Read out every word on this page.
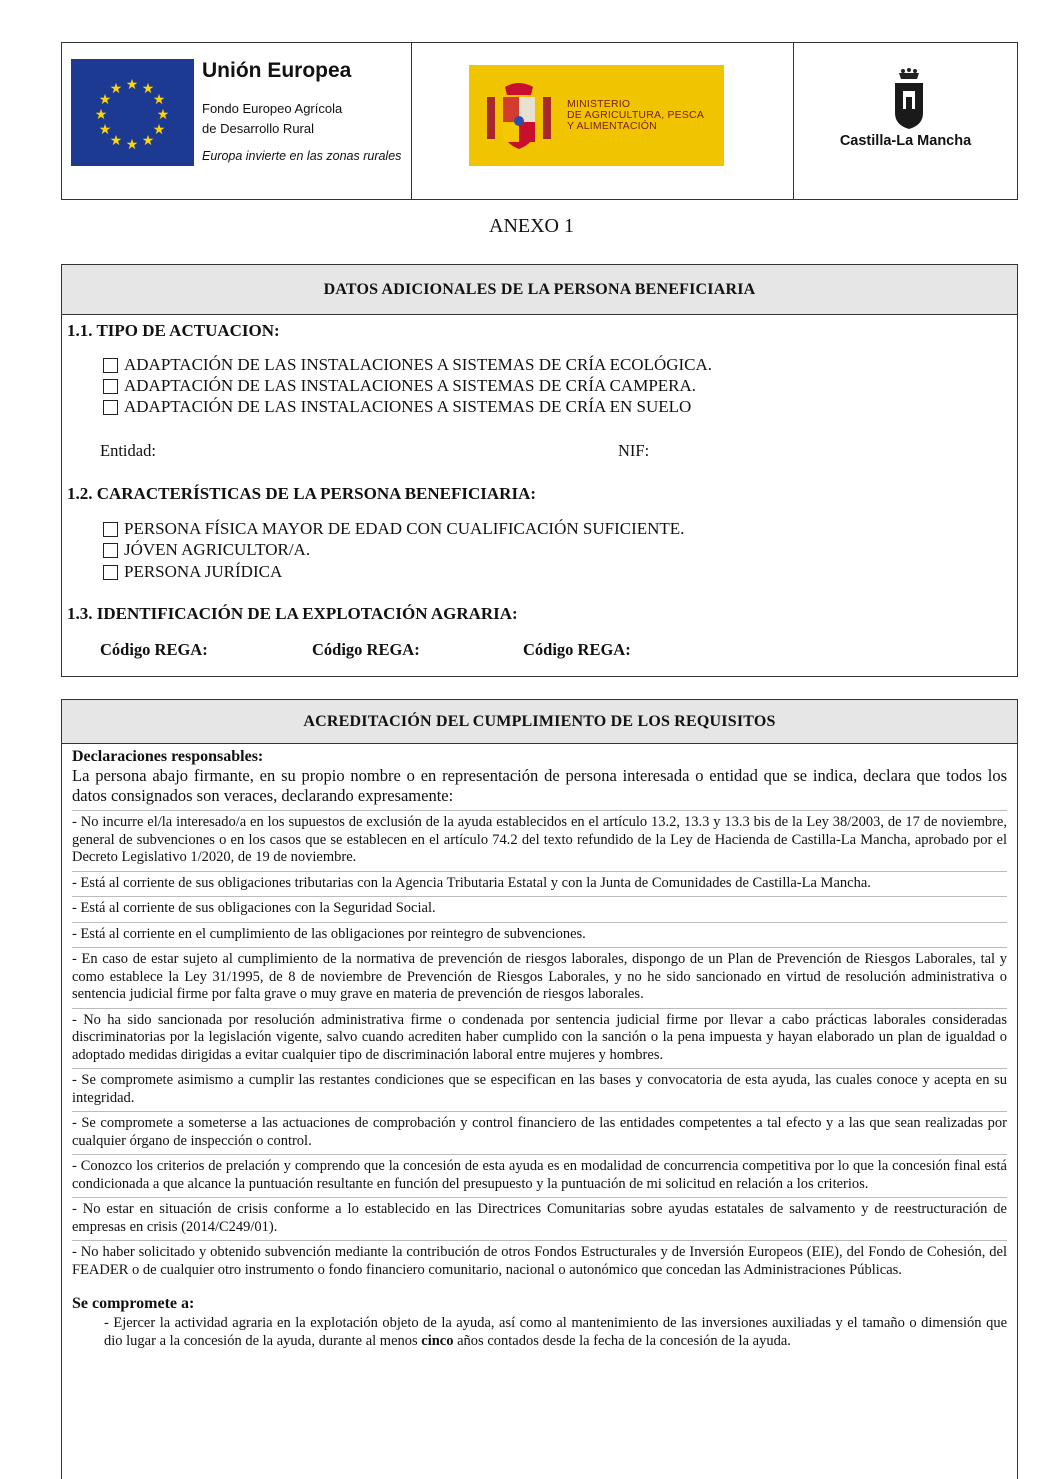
★ ★
★
★
★
★
★
★
★
★
★
★
Unión Europea
Fondo Europeo Agrícola
de Desarrollo Rural
Europa invierte en las zonas rurales
MINISTERIO
DE AGRICULTURA, PESCA
Y ALIMENTACIÓN
Castilla-La Mancha
ANEXO 1
DATOS ADICIONALES DE LA PERSONA BENEFICIARIA
1.1. TIPO DE ACTUACION:
ADAPTACIÓN DE LAS INSTALACIONES A SISTEMAS DE CRÍA ECOLÓGICA.
ADAPTACIÓN DE LAS INSTALACIONES A SISTEMAS DE CRÍA CAMPERA.
ADAPTACIÓN DE LAS INSTALACIONES A SISTEMAS DE CRÍA EN SUELO
Entidad:	NIF:
1.2. CARACTERÍSTICAS DE LA PERSONA BENEFICIARIA:
PERSONA FÍSICA MAYOR DE EDAD CON CUALIFICACIÓN SUFICIENTE.
JÓVEN AGRICULTOR/A.
PERSONA JURÍDICA
1.3. IDENTIFICACIÓN DE LA EXPLOTACIÓN AGRARIA:
Código REGA:	Código REGA:	Código REGA:
ACREDITACIÓN DEL CUMPLIMIENTO DE LOS REQUISITOS
Declaraciones responsables:
La persona abajo firmante, en su propio nombre o en representación de persona interesada o entidad que se indica, declara que todos los datos consignados son veraces, declarando expresamente:
- No incurre el/la interesado/a en los supuestos de exclusión de la ayuda establecidos en el artículo 13.2, 13.3 y 13.3 bis de la Ley 38/2003, de 17 de noviembre, general de subvenciones o en los casos que se establecen en el artículo 74.2 del texto refundido de la Ley de Hacienda de Castilla-La Mancha, aprobado por el Decreto Legislativo 1/2020, de 19 de noviembre.
- Está al corriente de sus obligaciones tributarias con la Agencia Tributaria Estatal y con la Junta de Comunidades de Castilla-La Mancha.
- Está al corriente de sus obligaciones con la Seguridad Social.
- Está al corriente en el cumplimiento de las obligaciones por reintegro de subvenciones.
- En caso de estar sujeto al cumplimiento de la normativa de prevención de riesgos laborales, dispongo de un Plan de Prevención de Riesgos Laborales, tal y como establece la Ley 31/1995, de 8 de noviembre de Prevención de Riesgos Laborales, y no he sido sancionado en virtud de resolución administrativa o sentencia judicial firme por falta grave o muy grave en materia de prevención de riesgos laborales.
- No ha sido sancionada por resolución administrativa firme o condenada por sentencia judicial firme por llevar a cabo prácticas laborales consideradas discriminatorias por la legislación vigente, salvo cuando acrediten haber cumplido con la sanción o la pena impuesta y hayan elaborado un plan de igualdad o adoptado medidas dirigidas a evitar cualquier tipo de discriminación laboral entre mujeres y hombres.
- Se compromete asimismo a cumplir las restantes condiciones que se especifican en las bases y convocatoria de esta ayuda, las cuales conoce y acepta en su integridad.
- Se compromete a someterse a las actuaciones de comprobación y control financiero de las entidades competentes a tal efecto y a las que sean realizadas por cualquier órgano de inspección o control.
- Conozco los criterios de prelación y comprendo que la concesión de esta ayuda es en modalidad de concurrencia competitiva por lo que la concesión final está condicionada a que alcance la puntuación resultante en función del presupuesto y la puntuación de mi solicitud en relación a los criterios.
- No estar en situación de crisis conforme a lo establecido en las Directrices Comunitarias sobre ayudas estatales de salvamento y de reestructuración de empresas en crisis (2014/C249/01).
- No haber solicitado y obtenido subvención mediante la contribución de otros Fondos Estructurales y de Inversión Europeos (EIE), del Fondo de Cohesión, del FEADER o de cualquier otro instrumento o fondo financiero comunitario, nacional o autonómico que concedan las Administraciones Públicas.
Se compromete a:
- Ejercer la actividad agraria en la explotación objeto de la ayuda, así como al mantenimiento de las inversiones auxiliadas y el tamaño o dimensión que dio lugar a la concesión de la ayuda, durante al menos cinco años contados desde la fecha de la concesión de la ayuda.
